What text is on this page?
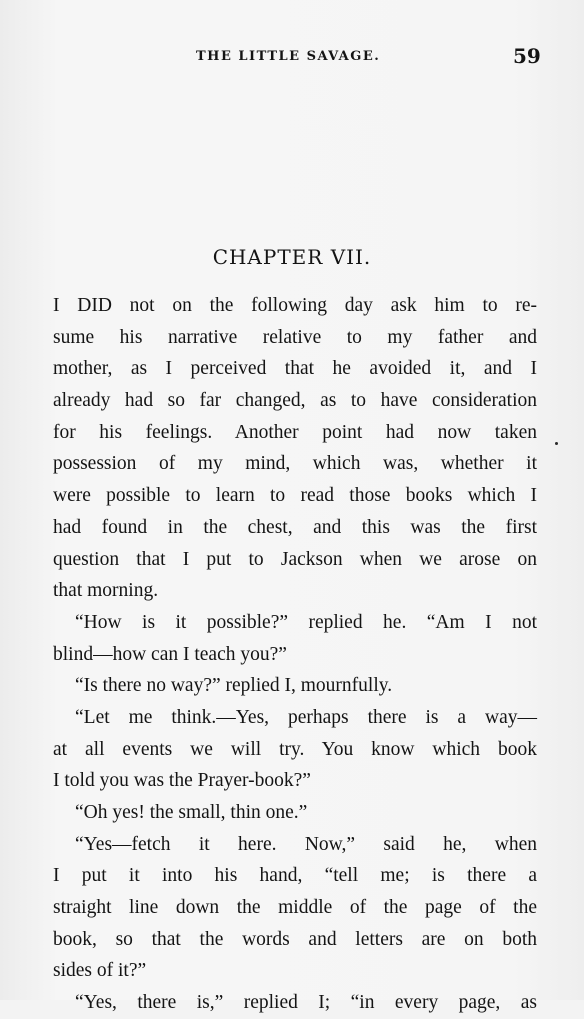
THE LITTLE SAVAGE.	59
CHAPTER VII.
I DID not on the following day ask him to re-
sume his narrative relative to my father and
mother, as I perceived that he avoided it, and I
already had so far changed, as to have consideration
for his feelings. Another point had now taken
possession of my mind, which was, whether it
were possible to learn to read those books which I
had found in the chest, and this was the first
question that I put to Jackson when we arose on
that morning.
“How is it possible?” replied he. “Am I not
blind—how can I teach you?”
“Is there no way?” replied I, mournfully.
“Let me think.—Yes, perhaps there is a way—
at all events we will try. You know which book
I told you was the Prayer-book?”
“Oh yes! the small, thin one.”
“Yes—fetch it here. Now,” said he, when
I put it into his hand, “tell me; is there a
straight line down the middle of the page of the
book, so that the words and letters are on both
sides of it?”
“Yes, there is,” replied I; “in every page, as
